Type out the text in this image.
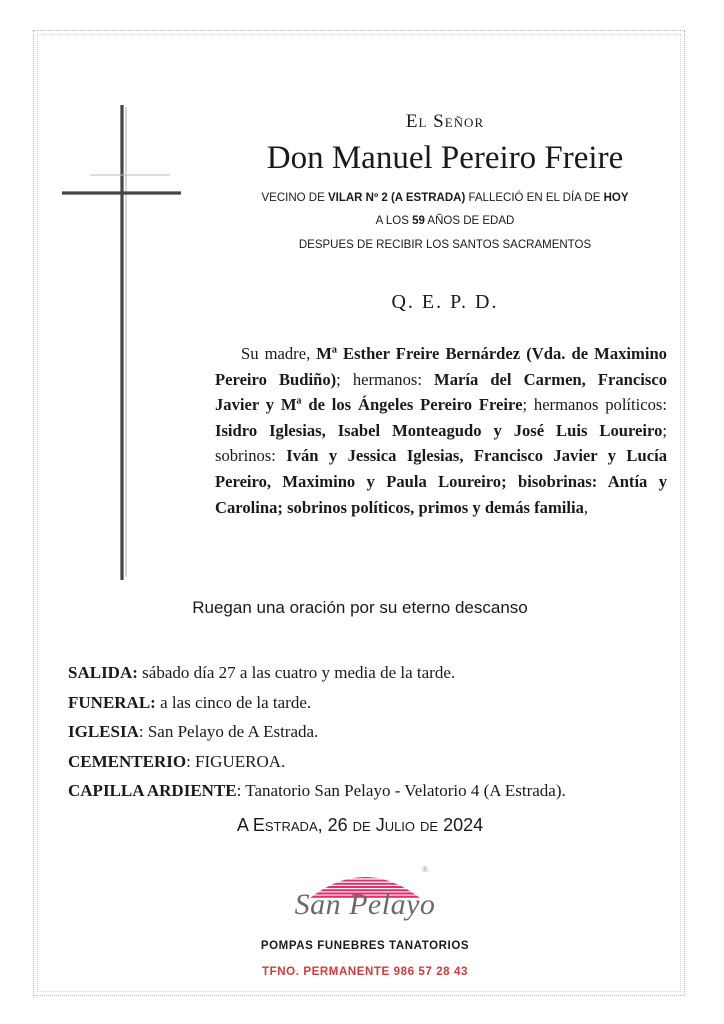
El Señor
Don Manuel Pereiro Freire
VECINO DE VILAR Nº 2 (A ESTRADA) FALLECIÓ EN EL DÍA DE HOY
A LOS 59 AÑOS DE EDAD
DESPUES DE RECIBIR LOS SANTOS SACRAMENTOS
Q. E. P. D.
Su madre, Mª Esther Freire Bernárdez (Vda. de Maximino Pereiro Budiño); hermanos: María del Carmen, Francisco Javier y Mª de los Ángeles Pereiro Freire; hermanos políticos: Isidro Iglesias, Isabel Monteagudo y José Luis Loureiro; sobrinos: Iván y Jessica Iglesias, Francisco Javier y Lucía Pereiro, Maximino y Paula Loureiro; bisobrinas: Antía y Carolina; sobrinos políticos, primos y demás familia,
Ruegan una oración por su eterno descanso
SALIDA: sábado día 27 a las cuatro y media de la tarde.
FUNERAL: a las cinco de la tarde.
IGLESIA: San Pelayo de A Estrada.
CEMENTERIO: FIGUEROA.
CAPILLA ARDIENTE: Tanatorio San Pelayo - Velatorio 4 (A Estrada).
A Estrada, 26 de Julio de 2024
®
San Pelayo
POMPAS FUNEBRES TANATORIOS
TFNO. PERMANENTE 986 57 28 43
